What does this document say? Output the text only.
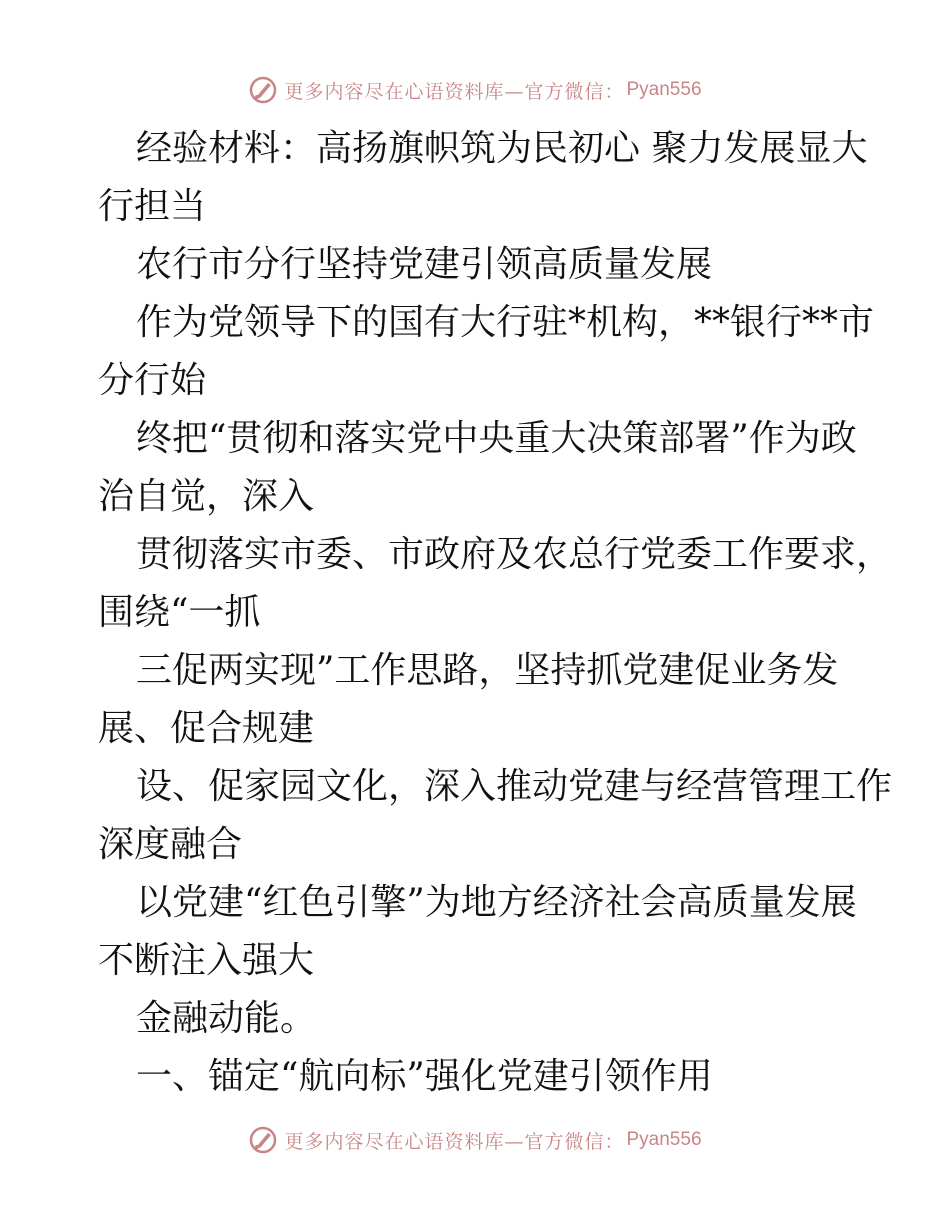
更多内容尽在心语资料库—官方微信： Pyan556

经验材料：高扬旗帜筑为民初心 聚力发展显大

行担当

农行市分行坚持党建引领高质量发展

作为党领导下的国有大行驻*机构，**银行**市

分行始

终把“贯彻和落实党中央重大决策部署”作为政

治自觉，深入

贯彻落实市委、市政府及农总行党委工作要求，

围绕“一抓

三促两实现”工作思路，坚持抓党建促业务发

展、促合规建

设、促家园文化，深入推动党建与经营管理工作

深度融合

以党建“红色引擎”为地方经济社会高质量发展

不断注入强大

金融动能。

一、锚定“航向标”强化党建引领作用

更多内容尽在心语资料库—官方微信： Pyan556
